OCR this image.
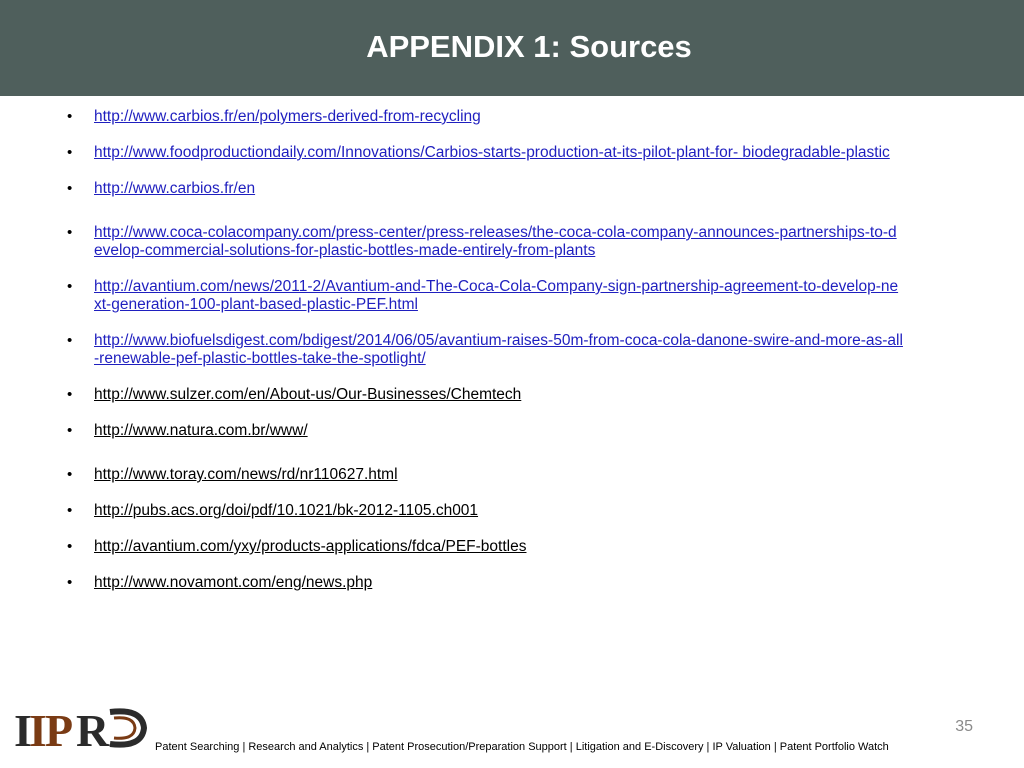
APPENDIX 1: Sources
• http://www.carbios.fr/en/polymers-derived-from-recycling
• http://www.foodproductiondaily.com/Innovations/Carbios-starts-production-at-its-pilot-plant-for- biodegradable-plastic
• http://www.carbios.fr/en
• http://www.coca-colacompany.com/press-center/press-releases/the-coca-cola-company-announces-partnerships-to-develop-commercial-solutions-for-plastic-bottles-made-entirely-from-plants
• http://avantium.com/news/2011-2/Avantium-and-The-Coca-Cola-Company-sign-partnership-agreement-to-develop-next-generation-100-plant-based-plastic-PEF.html
• http://www.biofuelsdigest.com/bdigest/2014/06/05/avantium-raises-50m-from-coca-cola-danone-swire-and-more-as-all-renewable-pef-plastic-bottles-take-the-spotlight/
• http://www.sulzer.com/en/About-us/Our-Businesses/Chemtech
• http://www.natura.com.br/www/
• http://www.toray.com/news/rd/nr110627.html
• http://pubs.acs.org/doi/pdf/10.1021/bk-2012-1105.ch001
• http://avantium.com/yxy/products-applications/fdca/PEF-bottles
• http://www.novamont.com/eng/news.php
35
I
I
P R	Patent Searching | Research and Analytics | Patent Prosecution/Preparation Support | Litigation and E-Discovery | IP Valuation | Patent Portfolio Watch
